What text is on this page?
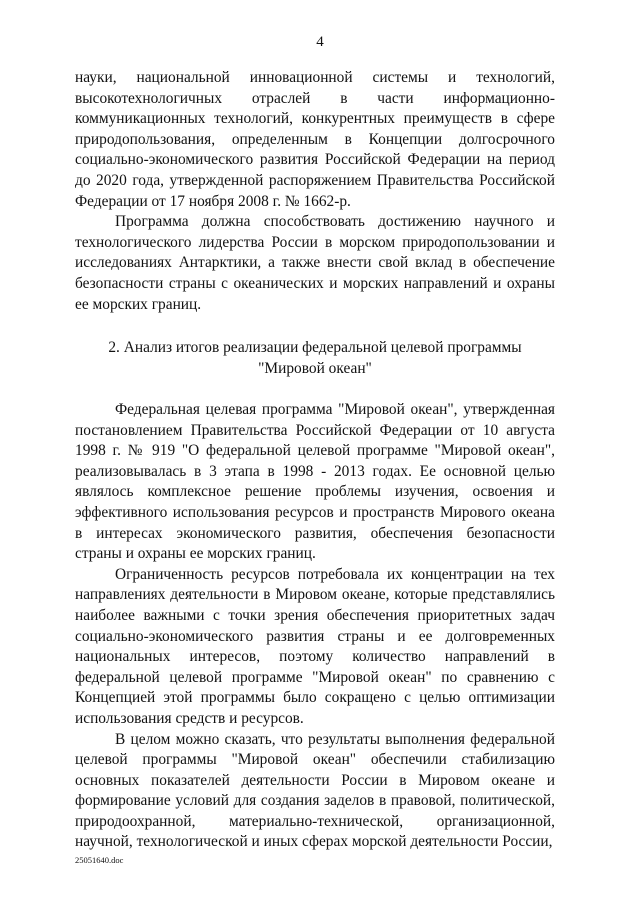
4

науки, национальной инновационной системы и технологий, высокотехнологичных отраслей в части информационно-коммуникационных технологий, конкурентных преимуществ в сфере природопользования, определенным в Концепции долгосрочного социально-экономического развития Российской Федерации на период до 2020 года, утвержденной распоряжением Правительства Российской Федерации от 17 ноября 2008 г. № 1662-р.

Программа должна способствовать достижению научного и технологического лидерства России в морском природопользовании и исследованиях Антарктики, а также внести свой вклад в обеспечение безопасности страны с океанических и морских направлений и охраны ее морских границ.

2. Анализ итогов реализации федеральной целевой программы
"Мировой океан"

Федеральная целевая программа "Мировой океан", утвержденная постановлением Правительства Российской Федерации от 10 августа 1998 г. № 919 "О федеральной целевой программе "Мировой океан", реализовывалась в 3 этапа в 1998 - 2013 годах. Ее основной целью являлось комплексное решение проблемы изучения, освоения и эффективного использования ресурсов и пространств Мирового океана в интересах экономического развития, обеспечения безопасности страны и охраны ее морских границ.

Ограниченность ресурсов потребовала их концентрации на тех направлениях деятельности в Мировом океане, которые представлялись наиболее важными с точки зрения обеспечения приоритетных задач социально-экономического развития страны и ее долговременных национальных интересов, поэтому количество направлений в федеральной целевой программе "Мировой океан" по сравнению с Концепцией этой программы было сокращено с целью оптимизации использования средств и ресурсов.

В целом можно сказать, что результаты выполнения федеральной целевой программы "Мировой океан" обеспечили стабилизацию основных показателей деятельности России в Мировом океане и формирование условий для создания заделов в правовой, политической, природоохранной, материально-технической, организационной, научной, технологической и иных сферах морской деятельности России,

25051640.doc
